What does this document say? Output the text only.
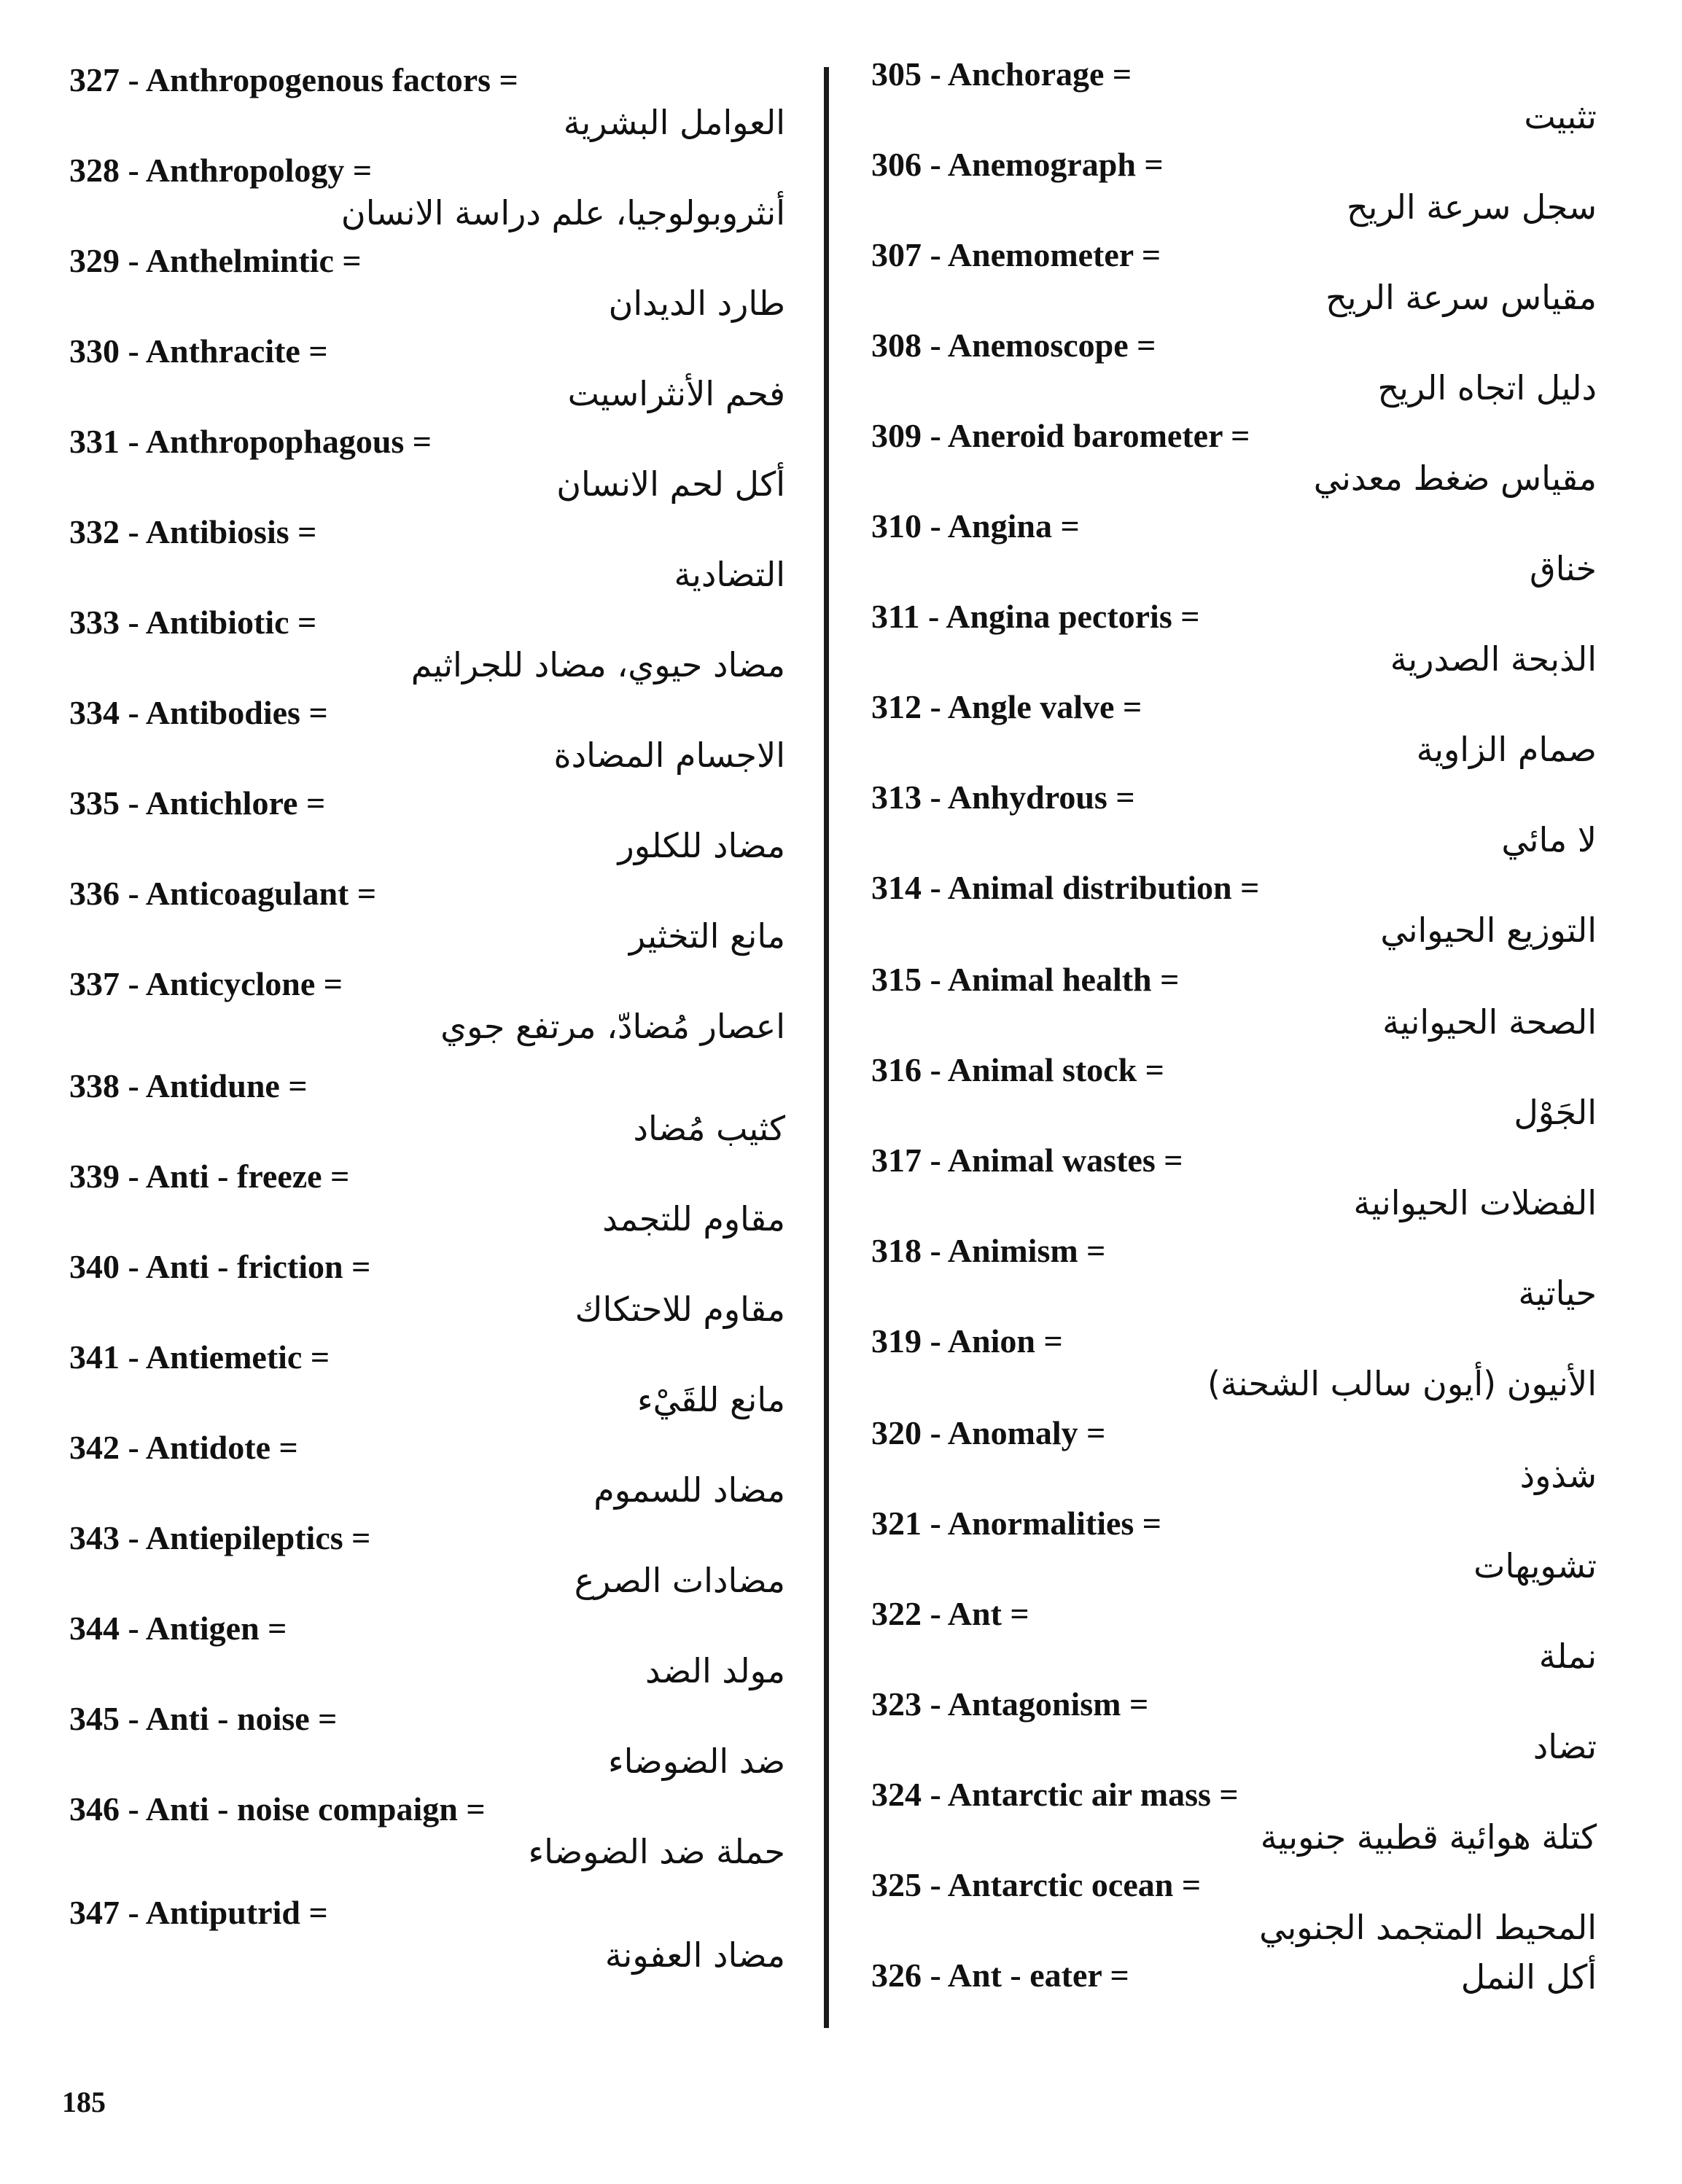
327 - Anthropogenous factors =
العوامل البشرية
328 - Anthropology =
أنثروبولوجيا، علم دراسة الانسان
329 - Anthelmintic =
طارد الديدان
330 - Anthracite =
فحم الأنثراسيت
331 - Anthropophagous =
أكل لحم الانسان
332 - Antibiosis =
التضادية
333 - Antibiotic =
مضاد حيوي، مضاد للجراثيم
334 - Antibodies =
الاجسام المضادة
335 - Antichlore =
مضاد للكلور
336 - Anticoagulant =
مانع التخثير
337 - Anticyclone =
اعصار مُضادّ، مرتفع جوي
338 - Antidune =
كثيب مُضاد
339 - Anti - freeze =
مقاوم للتجمد
340 - Anti - friction =
مقاوم للاحتكاك
341 - Antiemetic =
مانع للقَيْء
342 - Antidote =
مضاد للسموم
343 - Antiepileptics =
مضادات الصرع
344 - Antigen =
مولد الضد
345 - Anti - noise =
ضد الضوضاء
346 - Anti - noise compaign =
حملة ضد الضوضاء
347 - Antiputrid =
مضاد العفونة
305 - Anchorage =
تثبيت
306 - Anemograph =
سجل سرعة الريح
307 - Anemometer =
مقياس سرعة الريح
308 - Anemoscope =
دليل اتجاه الريح
309 - Aneroid barometer =
مقياس ضغط معدني
310 - Angina =
خناق
311 - Angina pectoris =
الذبحة الصدرية
312 - Angle valve =
صمام الزاوية
313 - Anhydrous =
لا مائي
314 - Animal distribution =
التوزيع الحيواني
315 - Animal health =
الصحة الحيوانية
316 - Animal stock =
الجَوْل
317 - Animal wastes =
الفضلات الحيوانية
318 - Animism =
حياتية
319 - Anion =
الأنيون (أيون سالب الشحنة)
320 - Anomaly =
شذوذ
321 - Anormalities =
تشويهات
322 - Ant =
نملة
323 - Antagonism =
تضاد
324 - Antarctic air mass =
كتلة هوائية قطبية جنوبية
325 - Antarctic ocean =
المحيط المتجمد الجنوبي
326 - Ant - eater =	أكل النمل
185
